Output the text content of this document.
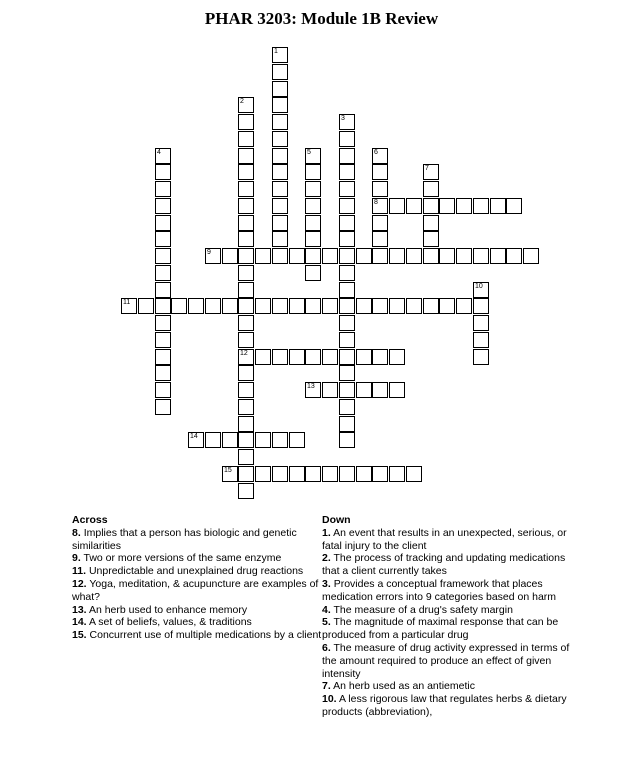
PHAR 3203: Module 1B Review
1
2
12
3
4	5	6
8
7
9
10
11
13
14
15
Across

8. Implies that a person has biologic and genetic similarities

9. Two or more versions of the same enzyme

11. Unpredictable and unexplained drug reactions

12. Yoga, meditation, & acupuncture are examples of what?

13. An herb used to enhance memory

14. A set of beliefs, values, & traditions

15. Concurrent use of multiple medications by a client

Down

1. An event that results in an unexpected, serious, or fatal injury to the client

2. The process of tracking and updating medications that a client currently takes

3. Provides a conceptual framework that places medication errors into 9 categories based on harm

4. The measure of a drug's safety margin

5. The magnitude of maximal response that can be produced from a particular drug

6. The measure of drug activity expressed in terms of the amount required to produce an effect of given intensity

7. An herb used as an antiemetic

10. A less rigorous law that regulates herbs & dietary products (abbreviation),
